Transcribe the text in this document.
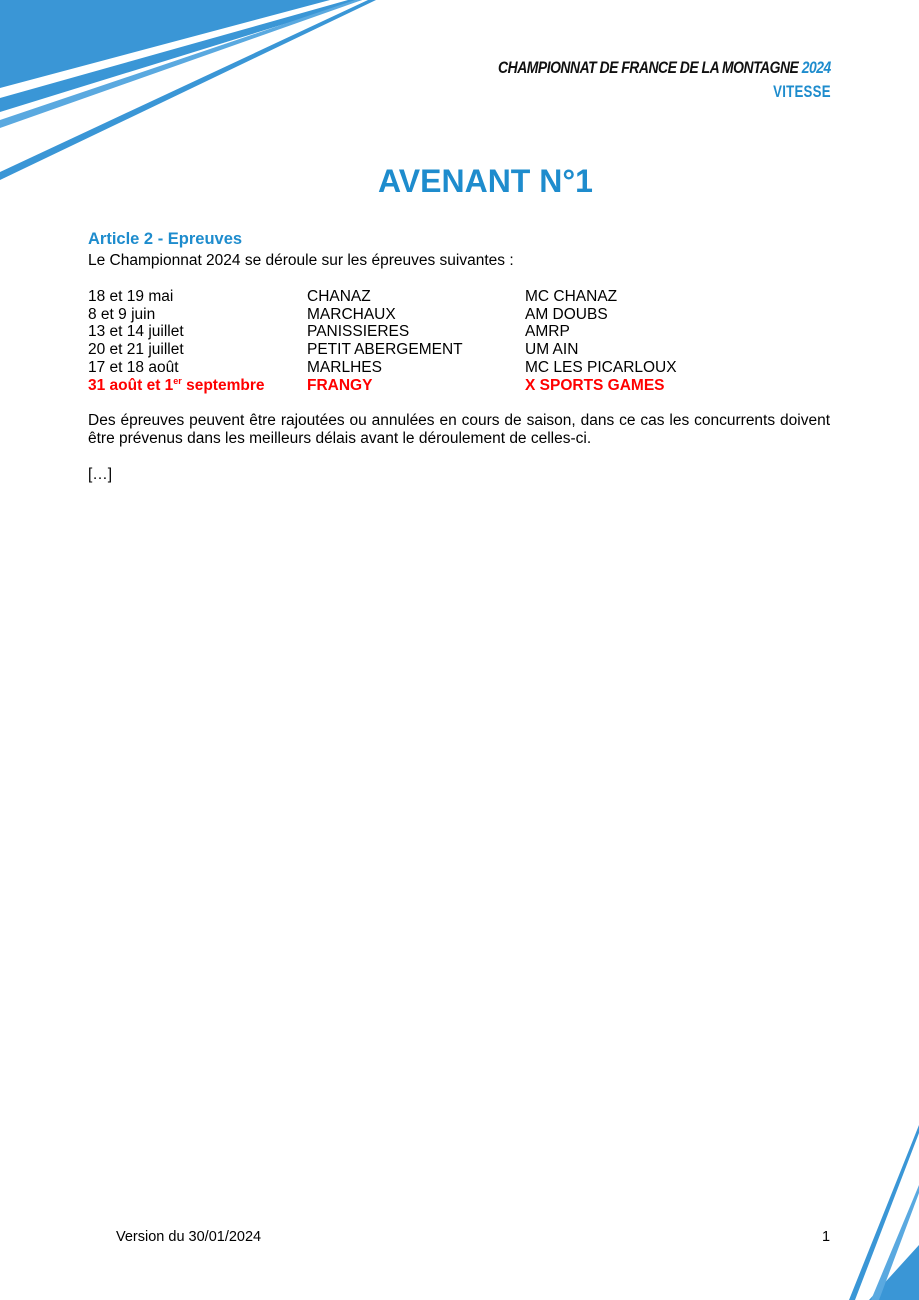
CHAMPIONNAT DE FRANCE DE LA MONTAGNE 2024
VITESSE
AVENANT N°1
Article 2 - Epreuves
Le Championnat 2024 se déroule sur les épreuves suivantes :
18 et 19 mai	CHANAZ	MC CHANAZ
8 et 9 juin	MARCHAUX	AM DOUBS
13 et 14 juillet	PANISSIERES	AMRP
20 et 21 juillet	PETIT ABERGEMENT	UM AIN
17 et 18 août	MARLHES	MC LES PICARLOUX
31 août et 1er septembre	FRANGY	X SPORTS GAMES

Des épreuves peuvent être rajoutées ou annulées en cours de saison, dans ce cas les concurrents doivent être prévenus dans les meilleurs délais avant le déroulement de celles-ci.

[…]

Version du 30/01/2024	1
